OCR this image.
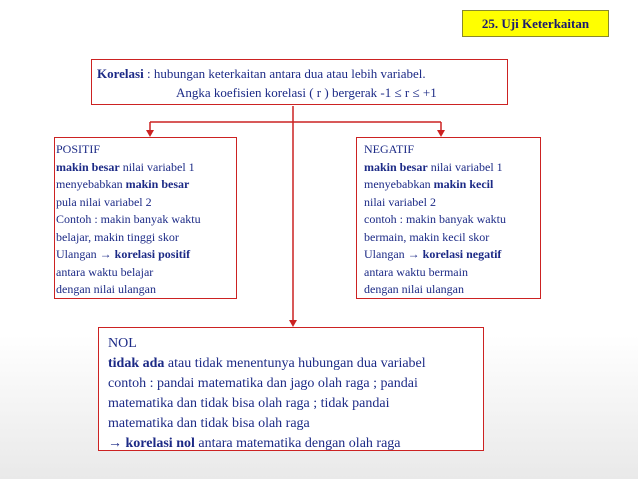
25. Uji Keterkaitan
Korelasi : hubungan keterkaitan antara dua atau lebih variabel.
Angka koefisien korelasi ( r ) bergerak -1 ≤ r ≤ +1
POSITIF
makin besar nilai variabel 1
menyebabkan makin besar
pula nilai variabel 2
Contoh : makin banyak waktu
belajar, makin tinggi skor
Ulangan → korelasi positif
antara waktu belajar
dengan nilai ulangan
NEGATIF
makin besar nilai variabel 1
menyebabkan makin kecil
nilai variabel 2
contoh : makin banyak waktu
bermain, makin kecil skor
Ulangan → korelasi negatif
antara waktu bermain
dengan nilai ulangan
NOL
tidak ada atau tidak menentunya hubungan dua variabel
contoh : pandai matematika dan jago olah raga ; pandai
matematika dan tidak bisa olah raga ; tidak pandai
matematika dan tidak bisa olah raga
→ korelasi nol antara matematika dengan olah raga
